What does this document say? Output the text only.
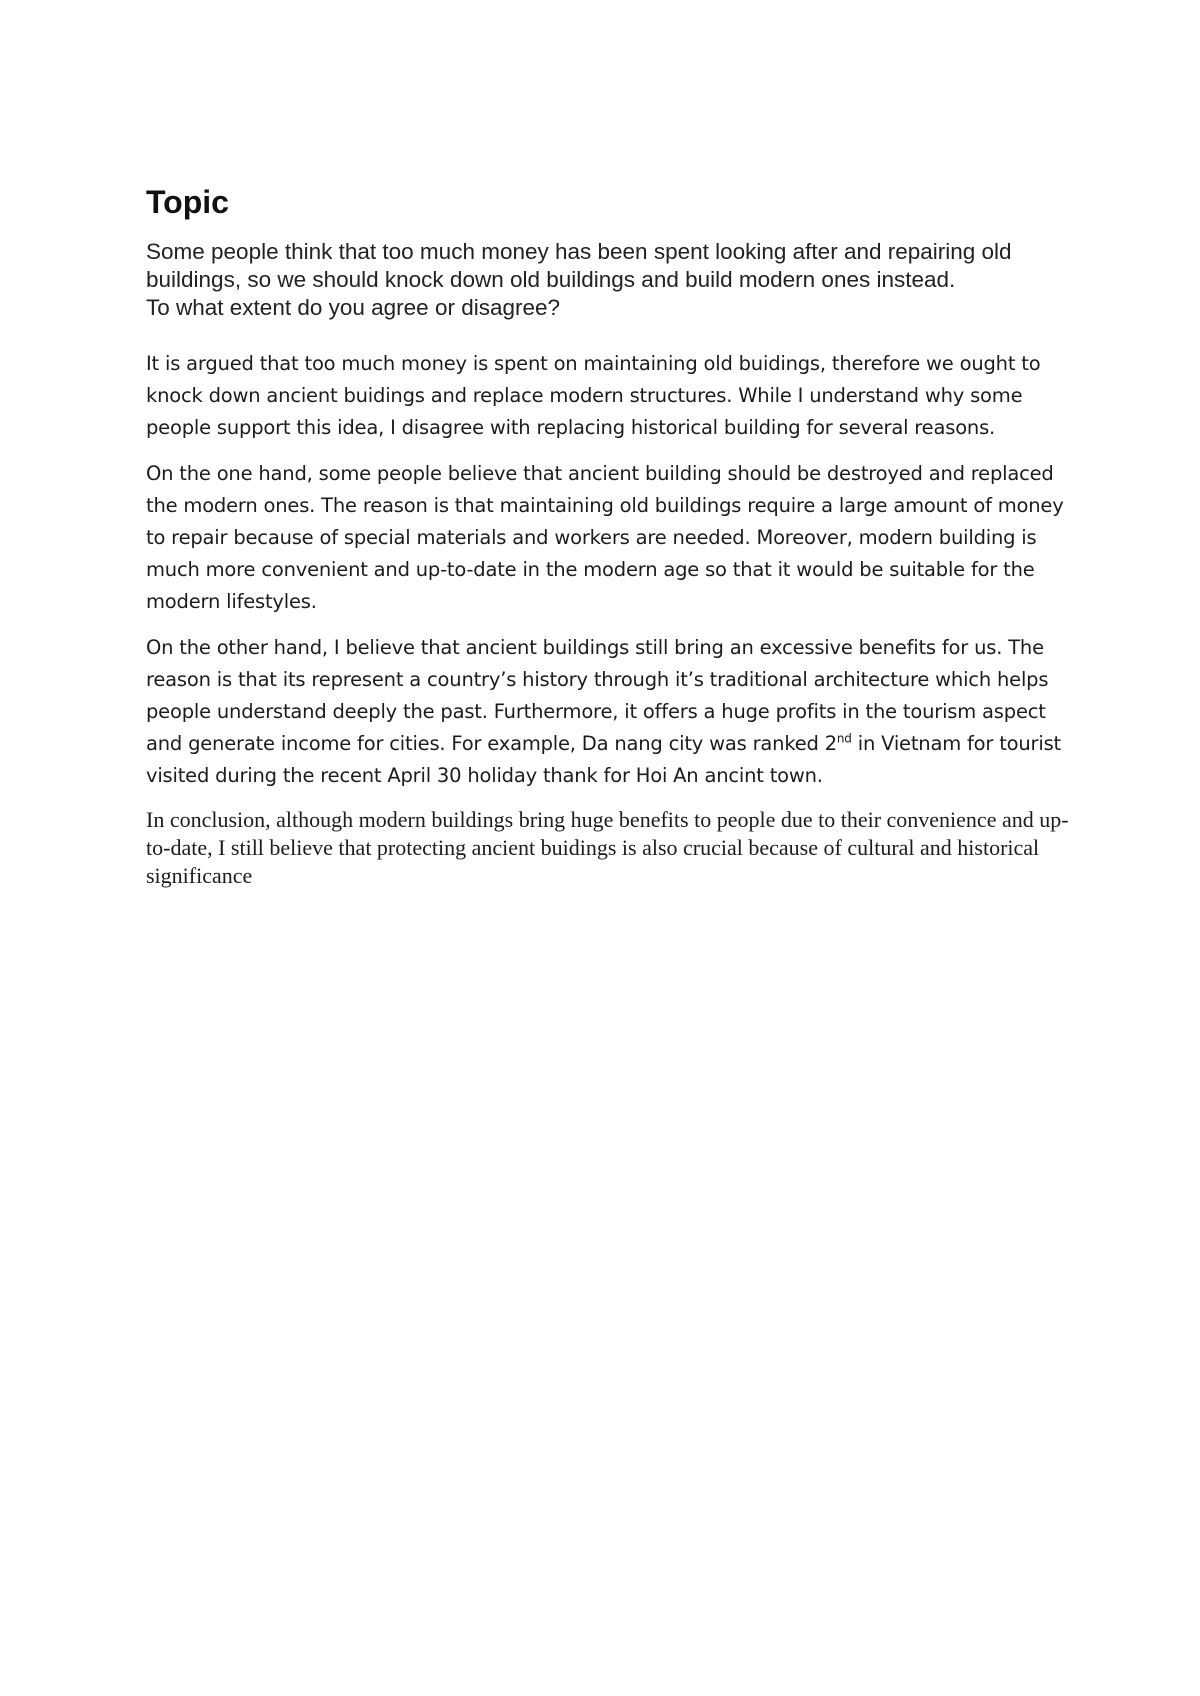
Topic
Some people think that too much money has been spent looking after and repairing old buildings, so we should knock down old buildings and build modern ones instead.
To what extent do you agree or disagree?

It is argued that too much money is spent on maintaining old buidings, therefore we ought to knock down ancient buidings and replace modern structures. While I understand why some people support this idea, I disagree with replacing historical building for several reasons.

On the one hand, some people believe that ancient building should be destroyed and replaced the modern ones. The reason is that maintaining old buildings require a large amount of money to repair because of special materials and workers are needed. Moreover, modern building is much more convenient and up-to-date in the modern age so that it would be suitable for the modern lifestyles.

On the other hand, I believe that ancient buildings still bring an excessive benefits for us. The reason is that its represent a country’s history through it’s traditional architecture which helps people understand deeply the past. Furthermore, it offers a huge profits in the tourism aspect and generate income for cities. For example, Da nang city was ranked 2nd in Vietnam for tourist visited during the recent April 30 holiday thank for Hoi An ancint town.

In conclusion, although modern buildings bring huge benefits to people due to their convenience and up-to-date, I still believe that protecting ancient buidings is also crucial because of cultural and historical significance
